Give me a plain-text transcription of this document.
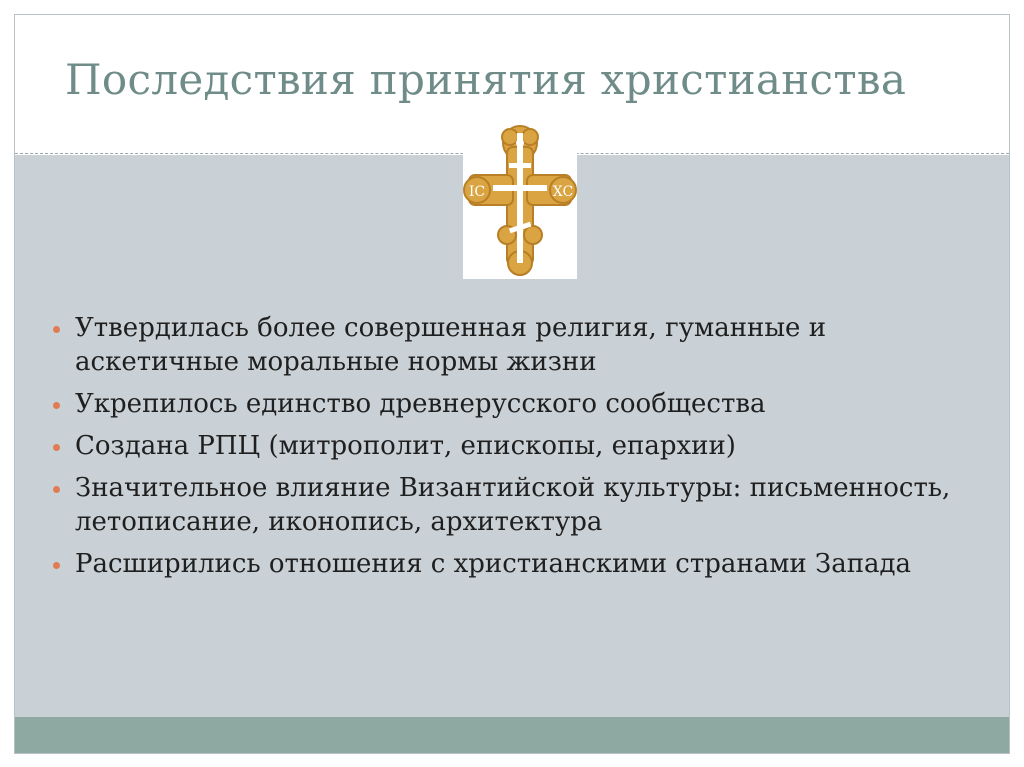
Последствия принятия христианства
IC	XC
Утвердилась более совершенная религия, гуманные и аскетичные моральные нормы жизни
Укрепилось единство древнерусского сообщества
Создана РПЦ (митрополит, епископы, епархии)
Значительное влияние Византийской культуры: письменность, летописание, иконопись, архитектура
Расширились отношения с христианскими странами Запада
